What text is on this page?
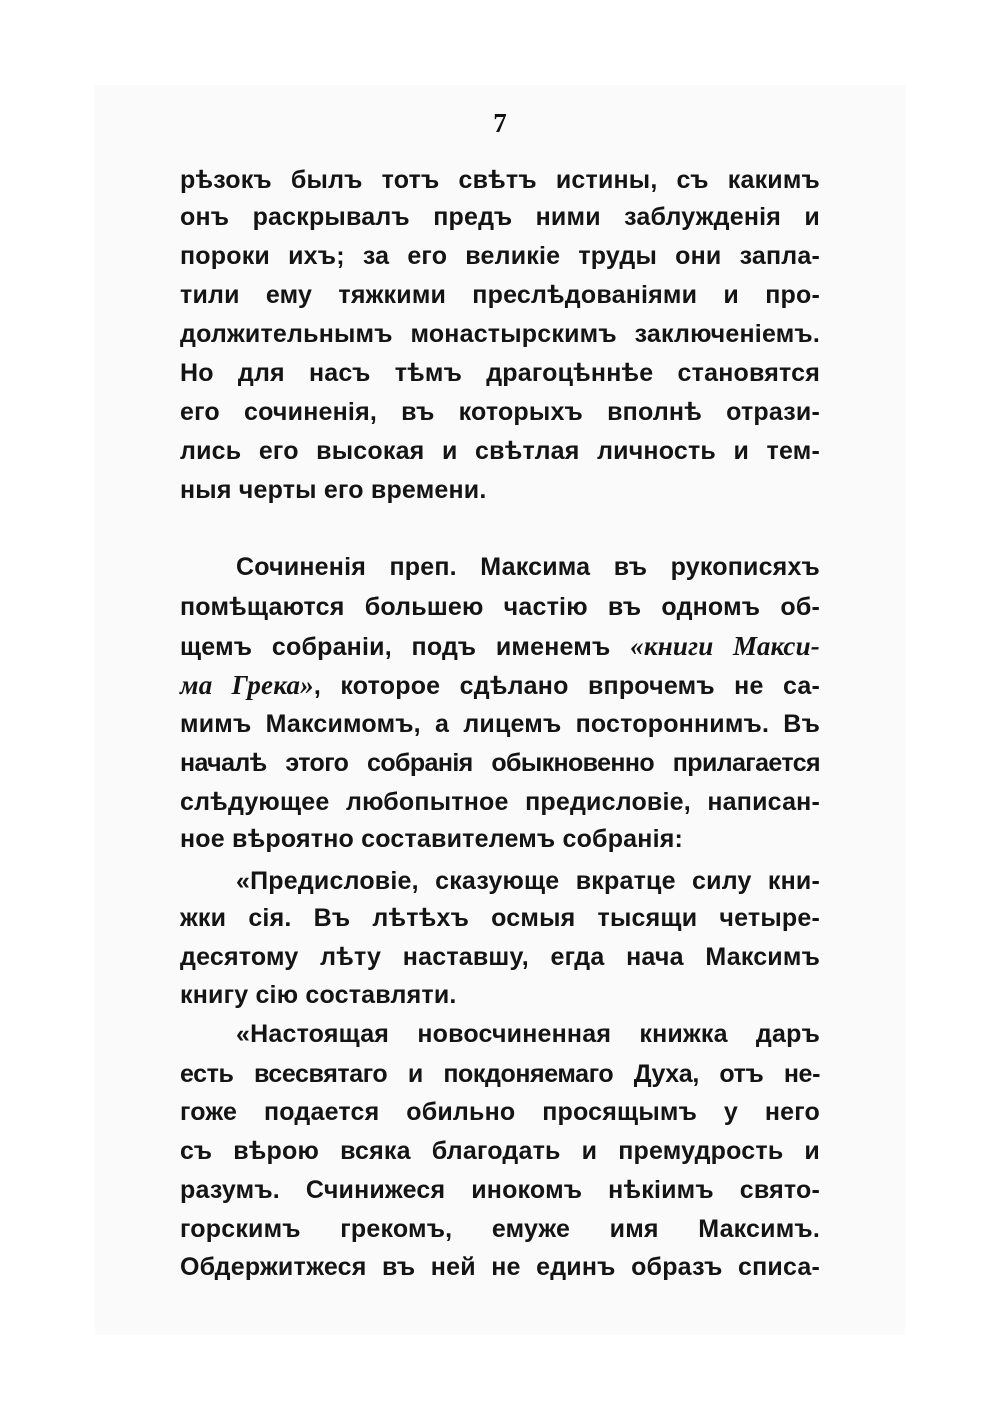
7
рѣзокъ былъ тотъ свѣтъ истины, съ какимъ
онъ раскрывалъ предъ ними заблужденія и
пороки ихъ; за его великіе труды они запла-
тили ему тяжкими преслѣдованіями и про-
должительнымъ монастырскимъ заключеніемъ.
Но для насъ тѣмъ драгоцѣннѣе становятся
его сочиненія, въ которыхъ вполнѣ отрази-
лись его высокая и свѣтлая личность и тем-
ныя черты его времени.
Сочиненія преп. Максима въ рукописяхъ
помѣщаются большею частію въ одномъ об-
щемъ собраніи, подъ именемъ «книги Макси-
ма Грека», которое сдѣлано впрочемъ не са-
мимъ Максимомъ, а лицемъ постороннимъ. Въ
началѣ этого собранія обыкновенно прилагается
слѣдующее любопытное предисловіе, написан-
ное вѣроятно составителемъ собранія:
«Предисловіе, сказующе вкратце силу кни-
жки сія. Въ лѣтѣхъ осмыя тысящи четыре-
десятому лѣту наставшу, егда нача Максимъ
книгу сію составляти.
«Настоящая новосчиненная книжка даръ
есть всесвятаго и покдоняемаго Духа, отъ не-
гоже подается обильно просящымъ у него
съ вѣрою всяка благодать и премудрость и
разумъ. Счинижеся инокомъ нѣкіимъ свято-
горскимъ грекомъ, емуже имя Максимъ.
Обдержитжеся въ ней не единъ образъ списа-
